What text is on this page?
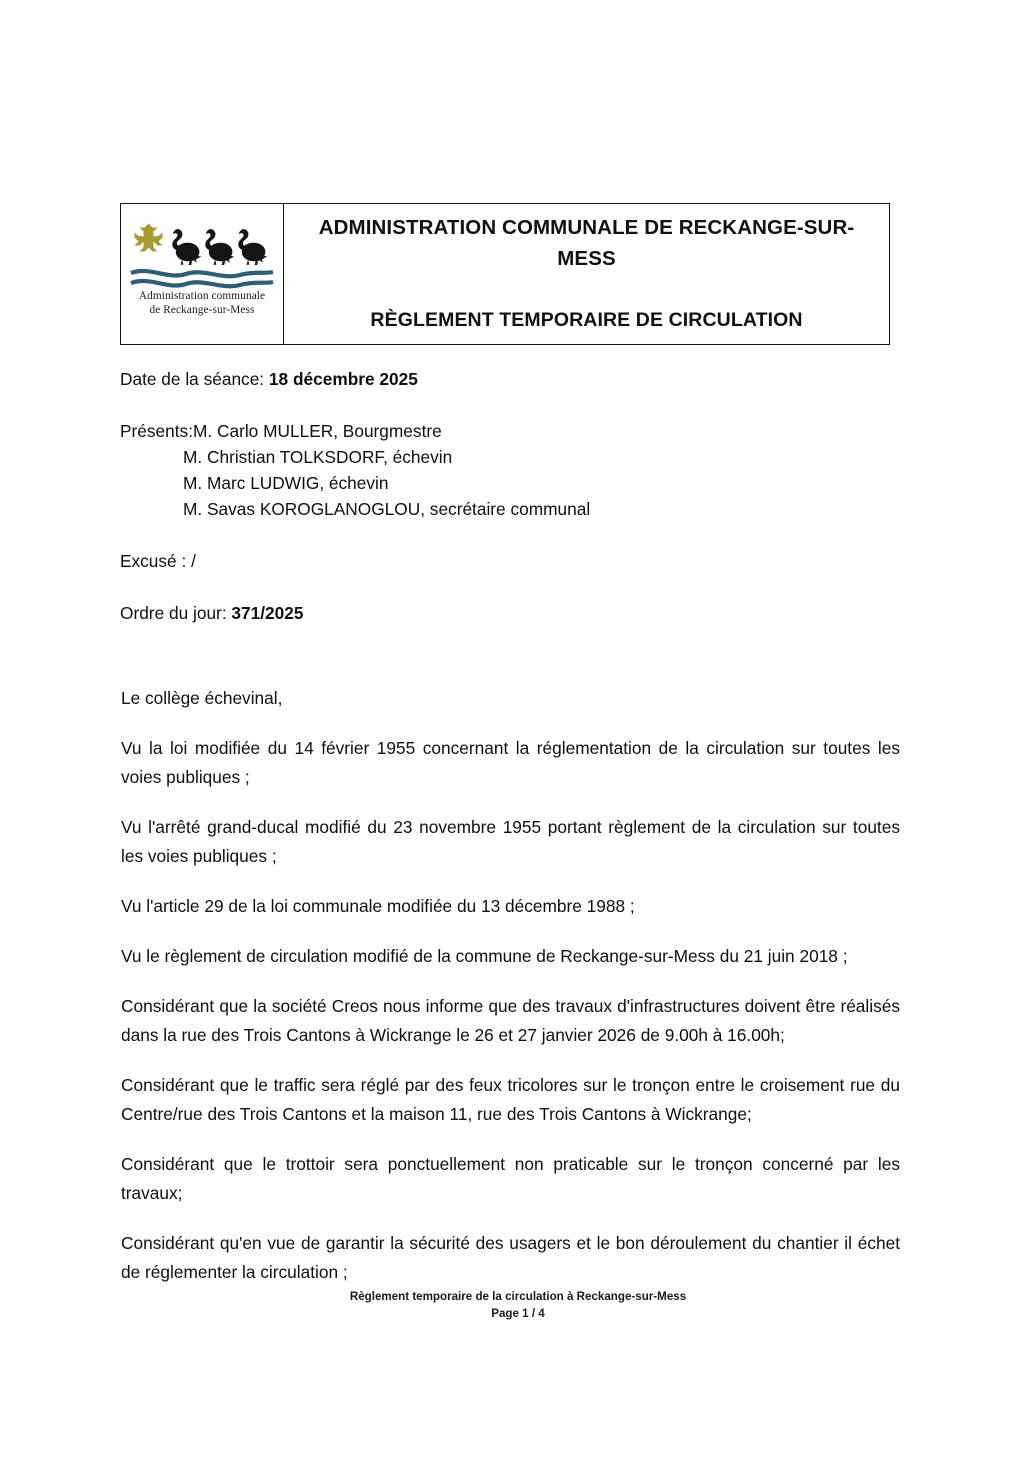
Administration communale
de Reckange-sur-Mess
ADMINISTRATION COMMUNALE DE RECKANGE-SUR-MESS
RÈGLEMENT TEMPORAIRE DE CIRCULATION
Date de la séance: 18 décembre 2025
Présents:M. Carlo MULLER, Bourgmestre
M. Christian TOLKSDORF, échevin
M. Marc LUDWIG, échevin
M. Savas KOROGLANOGLOU, secrétaire communal
Excusé : /
Ordre du jour: 371/2025
Le collège échevinal,

Vu la loi modifiée du 14 février 1955 concernant la réglementation de la circulation sur toutes les voies publiques ;

Vu l'arrêté grand-ducal modifié du 23 novembre 1955 portant règlement de la circulation sur toutes les voies publiques ;

Vu l'article 29 de la loi communale modifiée du 13 décembre 1988 ;

Vu le règlement de circulation modifié de la commune de Reckange-sur-Mess du 21 juin 2018 ;

Considérant que la société Creos nous informe que des travaux d'infrastructures doivent être réalisés dans la rue des Trois Cantons à Wickrange le 26 et 27 janvier 2026 de 9.00h à 16.00h;

Considérant que le traffic sera réglé par des feux tricolores sur le tronçon entre le croisement rue du Centre/rue des Trois Cantons et la maison 11, rue des Trois Cantons à Wickrange;

Considérant que le trottoir sera ponctuellement non praticable sur le tronçon concerné par les travaux;

Considérant qu'en vue de garantir la sécurité des usagers et le bon déroulement du chantier il échet de réglementer la circulation ;

Règlement temporaire de la circulation à Reckange-sur-Mess
Page 1 / 4
